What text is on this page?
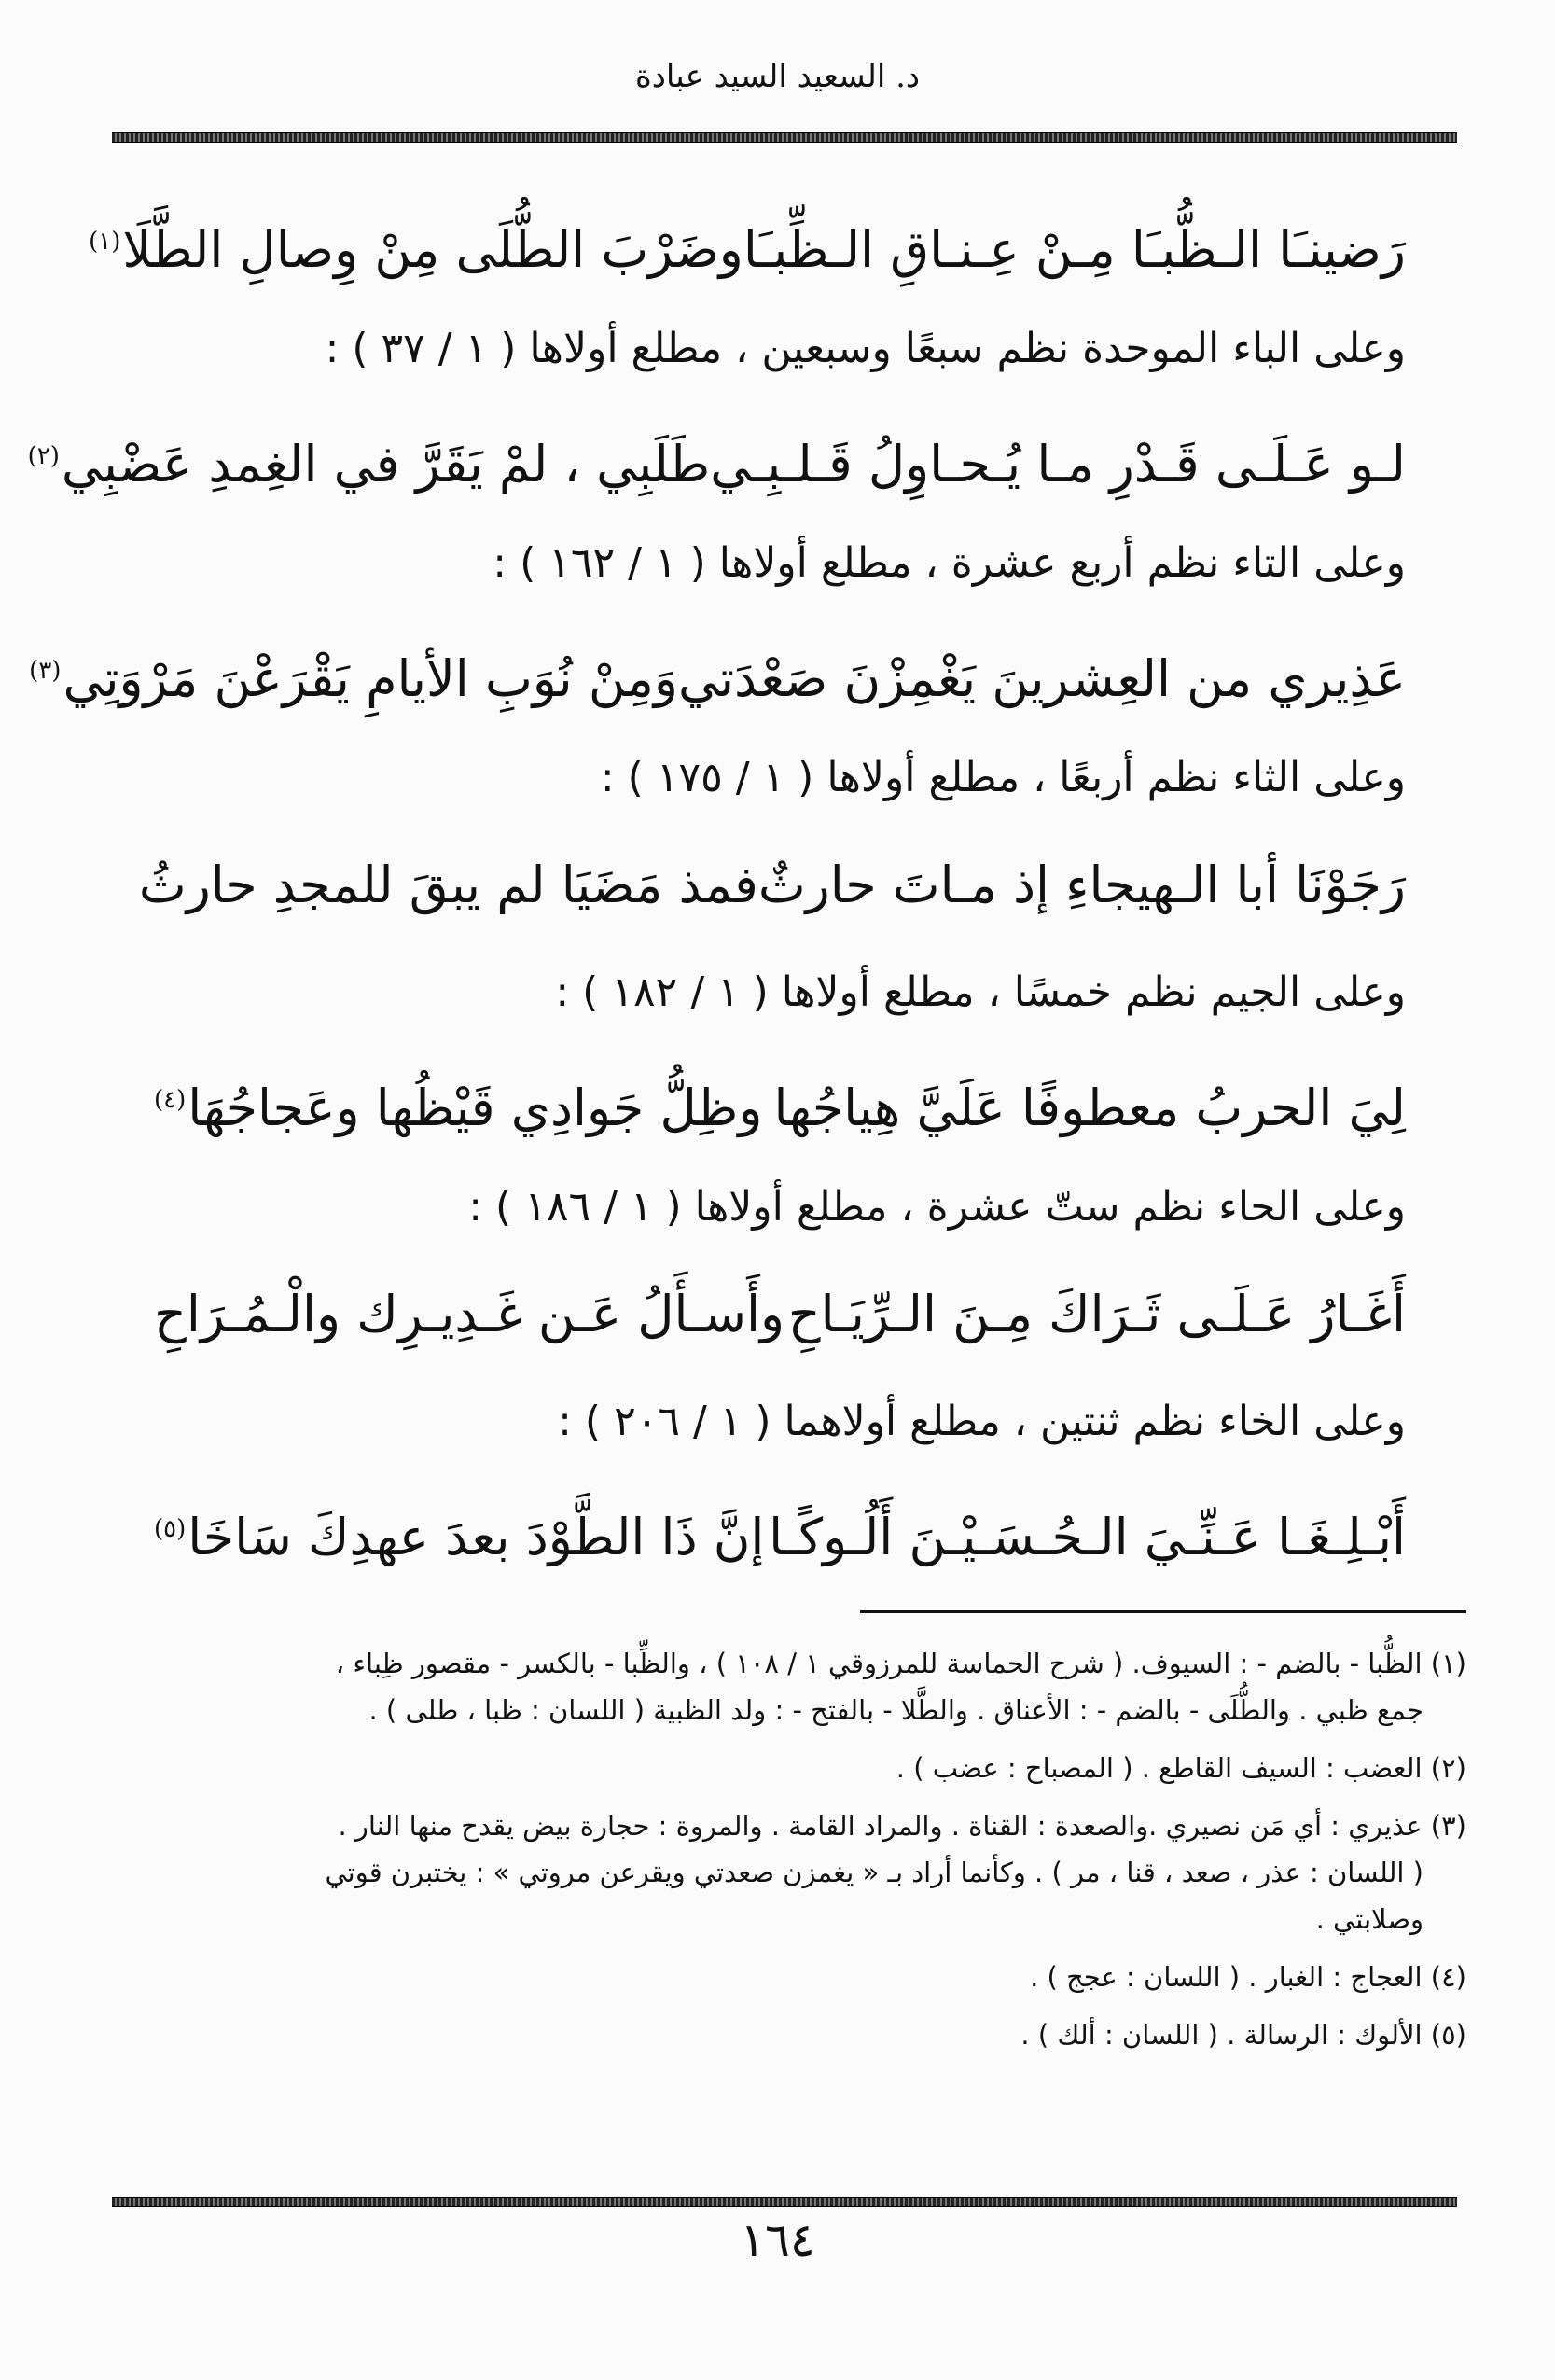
د. السعيد السيد عبادة
رَضينـَا الـظُّبـَا مِـنْ عِـنـاقِ الـظِّبـَا
وضَرْبَ الطُّلَى مِنْ وِصالِ الطَّلَا$^{(١)}$
وعلى الباء الموحدة نظم سبعًا وسبعين ، مطلع أولاها ( ١ / ٣٧ ) :
لـو عَـلَـى قَـدْرِ مـا يُـحـاوِلُ قَـلـبِـي
طَلَبِي ، لمْ يَقَرَّ في الغِمدِ عَضْبِي$^{(٢)}$
وعلى التاء نظم أربع عشرة ، مطلع أولاها ( ١ / ١٦٢ ) :
عَذِيري من العِشرينَ يَغْمِزْنَ صَعْدَتي
وَمِنْ نُوَبِ الأيامِ يَقْرَعْنَ مَرْوَتِي$^{(٣)}$
وعلى الثاء نظم أربعًا ، مطلع أولاها ( ١ / ١٧٥ ) :
رَجَوْنَا أبا الـهيجاءِ إذ مـاتَ حارثٌ
فمذ مَضَيَا لم يبقَ للمجدِ حارثُ
وعلى الجيم نظم خمسًا ، مطلع أولاها ( ١ / ١٨٢ ) :
لِيَ الحربُ معطوفًا عَلَيَّ هِياجُها
وظِلُّ جَوادِي قَيْظُها وعَجاجُهَا$^{(٤)}$
وعلى الحاء نظم ستّ عشرة ، مطلع أولاها ( ١ / ١٨٦ ) :
أَغَـارُ عَـلَـى ثَـرَاكَ مِـنَ الـرِّيَـاحِ
وأَسـأَلُ عَـن غَـدِيـرِك والْـمُـرَاحِ
وعلى الخاء نظم ثنتين ، مطلع أولاهما ( ١ / ٢٠٦ ) :
أَبْـلِـغَـا عَـنِّـيَ الـحُـسَـيْـنَ أَلُـوكًـا
إنَّ ذَا الطَّوْدَ بعدَ عهدِكَ سَاخَا$^{(٥)}$
(١) الظُّبا - بالضم - : السيوف. ( شرح الحماسة للمرزوقي ١ / ١٠٨ ) ، والظِّبا - بالكسر - مقصور ظِباء ،
جمع ظبي . والطُّلَى - بالضم - : الأعناق . والطَّلا - بالفتح - : ولد الظبية ( اللسان : ظبا ، طلى ) .
(٢) العضب : السيف القاطع . ( المصباح : عضب ) .
(٣) عذيري : أي مَن نصيري .والصعدة : القناة . والمراد القامة . والمروة : حجارة بيض يقدح منها النار .
( اللسان : عذر ، صعد ، قنا ، مر ) . وكأنما أراد بـ « يغمزن صعدتي ويقرعن مروتي » : يختبرن قوتي
وصلابتي .
(٤) العجاج : الغبار . ( اللسان : عجج ) .
(٥) الألوك : الرسالة . ( اللسان : ألك ) .
١٦٤
